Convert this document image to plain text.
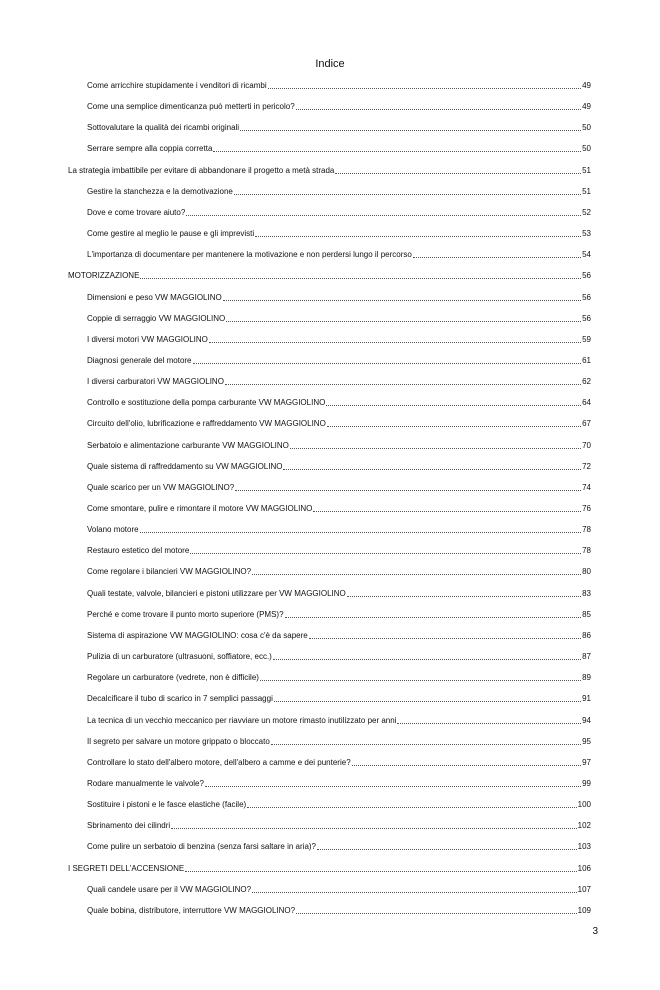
Indice
Come arricchire stupidamente i venditori di ricambi	49
Come una semplice dimenticanza può metterti in pericolo?	49
Sottovalutare la qualità dei ricambi originali	50
Serrare sempre alla coppia corretta	50
La strategia imbattibile per evitare di abbandonare il progetto a metà strada	51
Gestire la stanchezza e la demotivazione	51
Dove e come trovare aiuto?	52
Come gestire al meglio le pause e gli imprevisti	53
L'importanza di documentare per mantenere la motivazione e non perdersi lungo il percorso	54
MOTORIZZAZIONE	56
Dimensioni e peso VW MAGGIOLINO	56
Coppie di serraggio VW MAGGIOLINO	56
I diversi motori VW MAGGIOLINO	59
Diagnosi generale del motore	61
I diversi carburatori VW MAGGIOLINO	62
Controllo e sostituzione della pompa carburante VW MAGGIOLINO	64
Circuito dell'olio, lubrificazione e raffreddamento VW MAGGIOLINO	67
Serbatoio e alimentazione carburante VW MAGGIOLINO	70
Quale sistema di raffreddamento su VW MAGGIOLINO	72
Quale scarico per un VW MAGGIOLINO?	74
Come smontare, pulire e rimontare il motore VW MAGGIOLINO	76
Volano motore	78
Restauro estetico del motore	78
Come regolare i bilancieri VW MAGGIOLINO?	80
Quali testate, valvole, bilancieri e pistoni utilizzare per VW MAGGIOLINO	83
Perché e come trovare il punto morto superiore (PMS)?	85
Sistema di aspirazione VW MAGGIOLINO: cosa c'è da sapere	86
Pulizia di un carburatore (ultrasuoni, soffiatore, ecc.)	87
Regolare un carburatore (vedrete, non è difficile)	89
Decalcificare il tubo di scarico in 7 semplici passaggi	91
La tecnica di un vecchio meccanico per riavviare un motore rimasto inutilizzato per anni	94
Il segreto per salvare un motore grippato o bloccato	95
Controllare lo stato dell'albero motore, dell'albero a camme e dei punterie?	97
Rodare manualmente le valvole?	99
Sostituire i pistoni e le fasce elastiche (facile)	100
Sbrinamento dei cilindri	102
Come pulire un serbatoio di benzina (senza farsi saltare in aria)?	103
I SEGRETI DELL'ACCENSIONE	106
Quali candele usare per il VW MAGGIOLINO?	107
Quale bobina, distributore, interruttore VW MAGGIOLINO?	109
3
